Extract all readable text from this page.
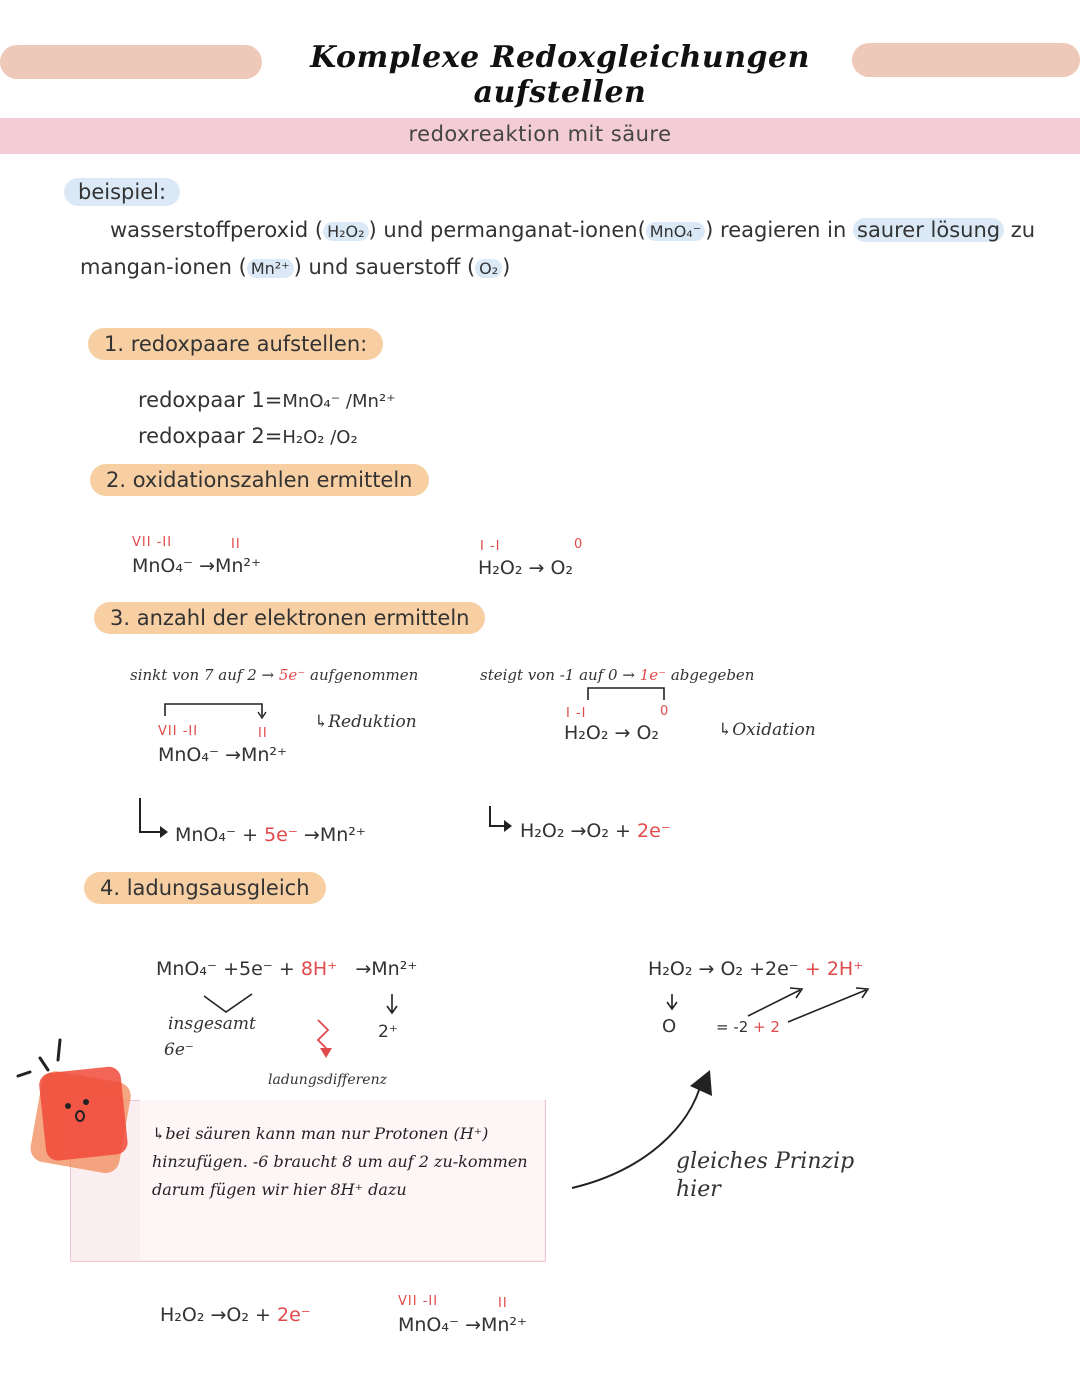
Komplexe Redoxgleichungen aufstellen
redoxreaktion mit säure
beispiel:
wasserstoffperoxid ( H₂O₂ ) und permanganat-ionen( MnO₄⁻ ) reagieren in saurer lösung zu
mangan-ionen ( Mn²⁺ ) und sauerstoff ( O₂ )
1. redoxpaare aufstellen:
redoxpaar 1=MnO₄⁻ /Mn²⁺
redoxpaar 2=H₂O₂ /O₂
2. oxidationszahlen ermitteln
VII -II	II
MnO₄⁻ →Mn²⁺
I -I	0
H₂O₂ → O₂
3. anzahl der elektronen ermitteln
sinkt von 7 auf 2 → 5e⁻ aufgenommen
VII -II	II
MnO₄⁻ →Mn²⁺
↳Reduktion
steigt von -1 auf 0 → 1e⁻ abgegeben
I -I	0
H₂O₂ → O₂	↳Oxidation
MnO₄⁻ + 5e⁻ →Mn²⁺	H₂O₂ →O₂ + 2e⁻
4. ladungsausgleich
MnO₄⁻ +5e⁻ + 8H⁺ →Mn²⁺
insgesamt
6e⁻
2⁺
ladungsdifferenz
H₂O₂ → O₂ +2e⁻ + 2H⁺
O	= -2 + 2
↳bei säuren kann man nur Protonen (H⁺) hinzufügen. -6 braucht 8 um auf 2 zu-kommen darum fügen wir hier 8H⁺ dazu
gleiches Prinzip hier
H₂O₂ →O₂ + 2e⁻
VII -II	II
MnO₄⁻ →Mn²⁺
